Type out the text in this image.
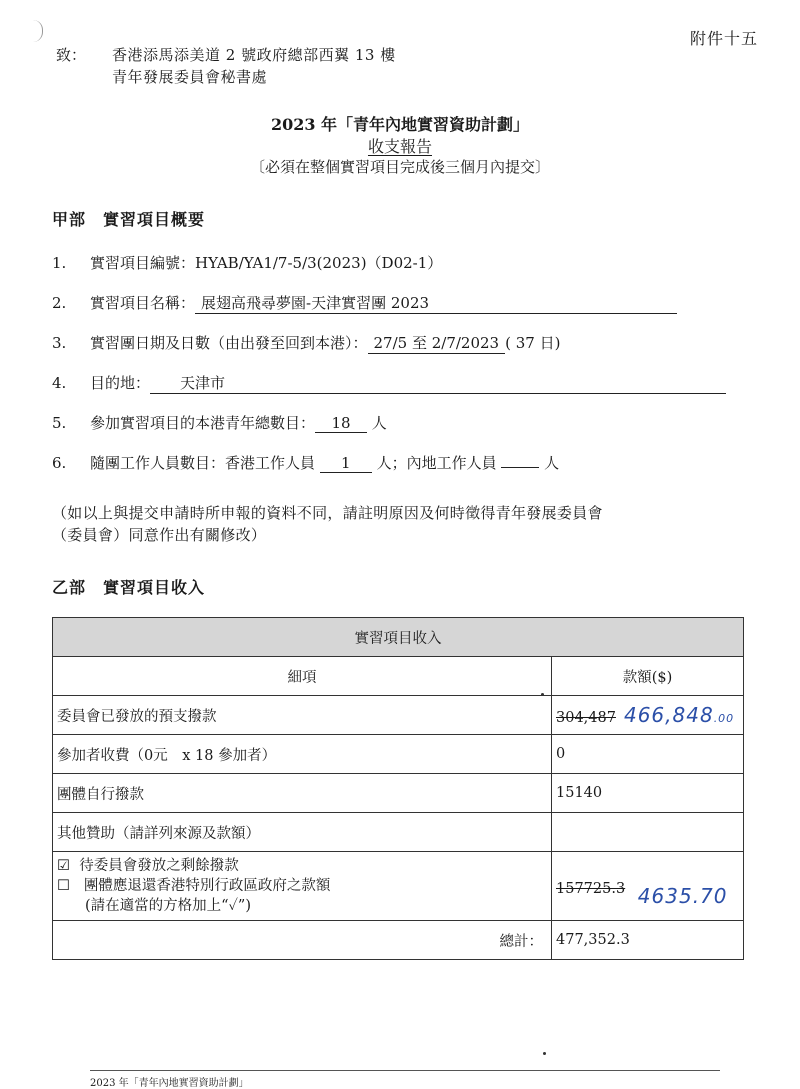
附件十五
致： 香港添馬添美道 2 號政府總部西翼 13 樓
青年發展委員會秘書處
2023 年「青年內地實習資助計劃」
收支報告
〔必須在整個實習項目完成後三個月內提交〕
甲部　實習項目概要
1. 實習項目編號：HYAB/YA1/7-5/3(2023)（D02-1）
2. 實習項目名稱： 展翅高飛尋夢園-天津實習團 2023
3. 實習團日期及日數（由出發至回到本港）： 27/5 至 2/7/2023 ( 37 日)
4. 目的地： 天津市
5. 參加實習項目的本港青年總數目： 18 人
6. 隨團工作人員數目：香港工作人員 1 人；內地工作人員	人
（如以上與提交申請時所申報的資料不同，請註明原因及何時徵得青年發展委員會
（委員會）同意作出有關修改）
乙部　實習項目收入
實習項目收入	
細項	款額($)
委員會已發放的預支撥款	304,487 466,848.00
參加者收費（0元　x 18 參加者）	0
團體自行撥款	15140
其他贊助（請詳列來源及款額）	

☑ 待委員會發放之剩餘撥款
☐ 團體應退還香港特別行政區政府之款額
(請在適當的方格加上“✓”)	157725.3 4635.70
總計：	477,352.3
2023 年「青年內地實習資助計劃」
